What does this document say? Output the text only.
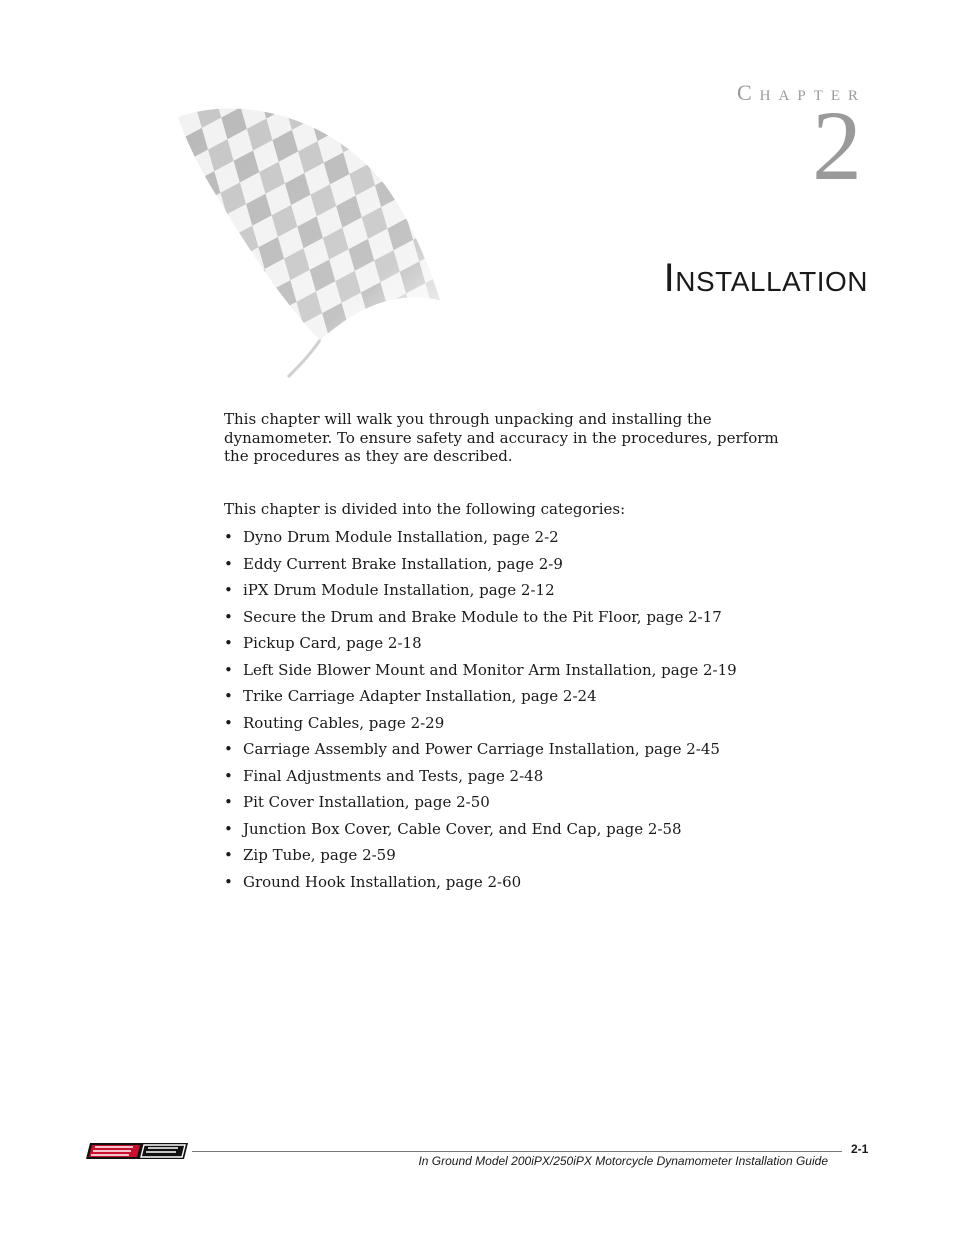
Chapter
2
Installation

This chapter will walk you through unpacking and installing the dynamometer. To ensure safety and accuracy in the procedures, perform the procedures as they are described.

This chapter is divided into the following categories:

• Dyno Drum Module Installation, page 2-2
• Eddy Current Brake Installation, page 2-9
• iPX Drum Module Installation, page 2-12
• Secure the Drum and Brake Module to the Pit Floor, page 2-17
• Pickup Card, page 2-18
• Left Side Blower Mount and Monitor Arm Installation, page 2-19
• Trike Carriage Adapter Installation, page 2-24
• Routing Cables, page 2-29
• Carriage Assembly and Power Carriage Installation, page 2-45
• Final Adjustments and Tests, page 2-48
• Pit Cover Installation, page 2-50
• Junction Box Cover, Cable Cover, and End Cap, page 2-58
• Zip Tube, page 2-59
• Ground Hook Installation, page 2-60
2-1
In Ground Model 200iPX/250iPX Motorcycle Dynamometer Installation Guide
